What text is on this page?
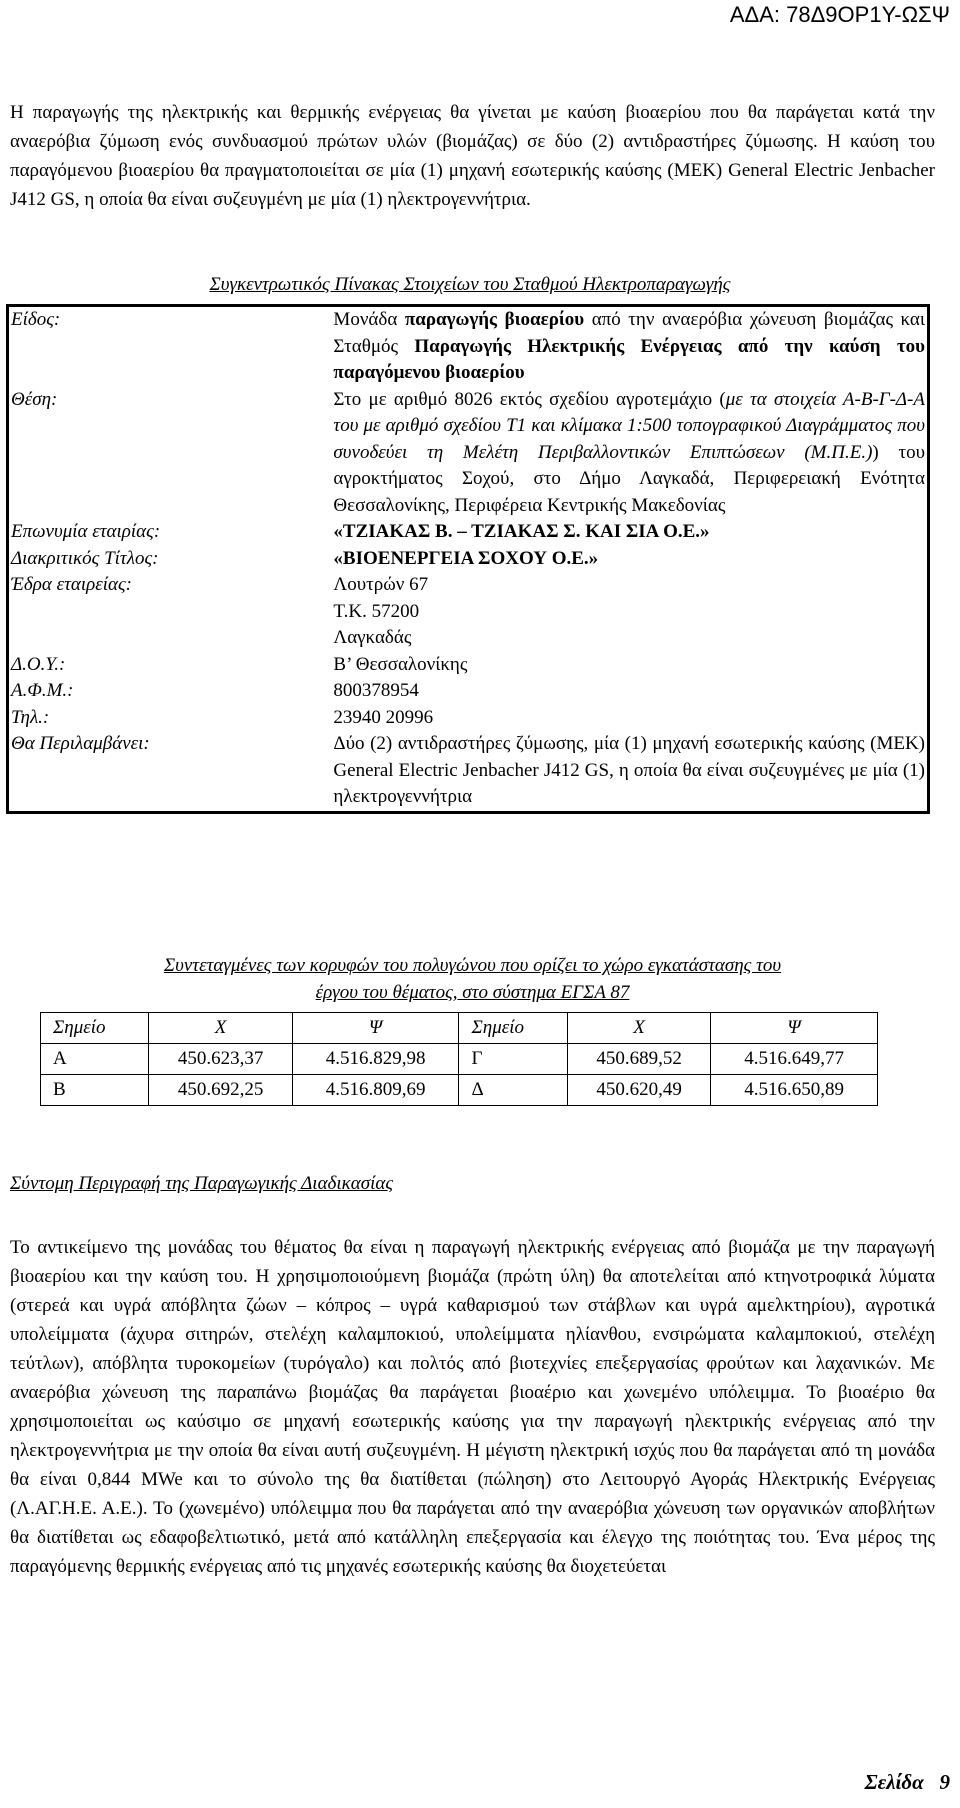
ΑΔΑ: 78Δ9ΟΡ1Υ-ΩΣΨ

Η παραγωγής της ηλεκτρικής και θερμικής ενέργειας θα γίνεται με καύση βιοαερίου που θα παράγεται κατά την αναερόβια ζύμωση ενός συνδυασμού πρώτων υλών (βιομάζας) σε δύο (2) αντιδραστήρες ζύμωσης. Η καύση του παραγόμενου βιοαερίου θα πραγματοποιείται σε μία (1) μηχανή εσωτερικής καύσης (ΜΕΚ) General Electric Jenbacher J412 GS, η οποία θα είναι συζευγμένη με μία (1) ηλεκτρογεννήτρια.

Συγκεντρωτικός Πίνακας Στοιχείων του Σταθμού Ηλεκτροπαραγωγής
Είδος:	Μονάδα παραγωγής βιοαερίου από την αναερόβια χώνευση βιομάζας και Σταθμός Παραγωγής Ηλεκτρικής Ενέργειας από την καύση του παραγόμενου βιοαερίου
Θέση:	Στο με αριθμό 8026 εκτός σχεδίου αγροτεμάχιο (με τα στοιχεία Α-Β-Γ-Δ-Α του με αριθμό σχεδίου Τ1 και κλίμακα 1:500 τοπογραφικού Διαγράμματος που συνοδεύει τη Μελέτη Περιβαλλοντικών Επιπτώσεων (Μ.Π.Ε.)) του αγροκτήματος Σοχού, στο Δήμο Λαγκαδά, Περιφερειακή Ενότητα Θεσσαλονίκης, Περιφέρεια Κεντρικής Μακεδονίας
Επωνυμία εταιρίας:	«ΤΖΙΑΚΑΣ Β. – ΤΖΙΑΚΑΣ Σ. ΚΑΙ ΣΙΑ Ο.Ε.»
Διακριτικός Τίτλος:	«ΒΙΟΕΝΕΡΓΕΙΑ ΣΟΧΟΥ Ο.Ε.»
Έδρα εταιρείας:	Λουτρών 67
Τ.Κ. 57200
Λαγκαδάς

Δ.Ο.Υ.:	Β’ Θεσσαλονίκης
Α.Φ.Μ.:	800378954
Τηλ.:	23940 20996
Θα Περιλαμβάνει:	Δύο (2) αντιδραστήρες ζύμωσης, μία (1) μηχανή εσωτερικής καύσης (ΜΕΚ) General Electric Jenbacher J412 GS, η οποία θα είναι συζευγμένες με μία (1) ηλεκτρογεννήτρια
Συντεταγμένες των κορυφών του πολυγώνου που ορίζει το χώρο εγκατάστασης του
έργου του θέματος, στο σύστημα ΕΓΣΑ 87
Σημείο	Χ	Ψ	Σημείο	Χ	Ψ
Α	450.623,37	4.516.829,98	Γ	450.689,52	4.516.649,77
Β	450.692,25	4.516.809,69	Δ	450.620,49	4.516.650,89
Σύντομη Περιγραφή της Παραγωγικής Διαδικασίας

Το αντικείμενο της μονάδας του θέματος θα είναι η παραγωγή ηλεκτρικής ενέργειας από βιομάζα με την παραγωγή βιοαερίου και την καύση του. Η χρησιμοποιούμενη βιομάζα (πρώτη ύλη) θα αποτελείται από κτηνοτροφικά λύματα (στερεά και υγρά απόβλητα ζώων – κόπρος – υγρά καθαρισμού των στάβλων και υγρά αμελκτηρίου), αγροτικά υπολείμματα (άχυρα σιτηρών, στελέχη καλαμποκιού, υπολείμματα ηλίανθου, ενσιρώματα καλαμποκιού, στελέχη τεύτλων), απόβλητα τυροκομείων (τυρόγαλο) και πολτός από βιοτεχνίες επεξεργασίας φρούτων και λαχανικών. Με αναερόβια χώνευση της παραπάνω βιομάζας θα παράγεται βιοαέριο και χωνεμένο υπόλειμμα. Το βιοαέριο θα χρησιμοποιείται ως καύσιμο σε μηχανή εσωτερικής καύσης για την παραγωγή ηλεκτρικής ενέργειας από την ηλεκτρογεννήτρια με την οποία θα είναι αυτή συζευγμένη. Η μέγιστη ηλεκτρική ισχύς που θα παράγεται από τη μονάδα θα είναι 0,844 MWe και το σύνολο της θα διατίθεται (πώληση) στο Λειτουργό Αγοράς Ηλεκτρικής Ενέργειας (Λ.ΑΓ.Η.Ε. Α.Ε.). Το (χωνεμένο) υπόλειμμα που θα παράγεται από την αναερόβια χώνευση των οργανικών αποβλήτων θα διατίθεται ως εδαφοβελτιωτικό, μετά από κατάλληλη επεξεργασία και έλεγχο της ποιότητας του. Ένα μέρος της παραγόμενης θερμικής ενέργειας από τις μηχανές εσωτερικής καύσης θα διοχετεύεται

Σελίδα   9
